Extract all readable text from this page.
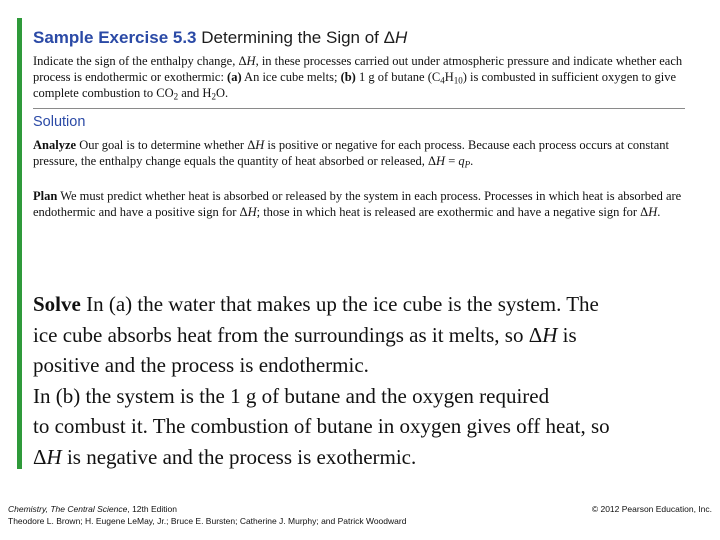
Sample Exercise 5.3 Determining the Sign of ΔH
Indicate the sign of the enthalpy change, ΔH, in these processes carried out under atmospheric pressure and indicate whether each process is endothermic or exothermic: (a) An ice cube melts; (b) 1 g of butane $(C_4H_{10})$ is combusted in sufficient oxygen to give complete combustion to $CO_2$ and $H_2O$.
Solution
Analyze Our goal is to determine whether ΔH is positive or negative for each process. Because each process occurs at constant pressure, the enthalpy change equals the quantity of heat absorbed or released, $\Delta H = q_P$.
Plan We must predict whether heat is absorbed or released by the system in each process. Processes in which heat is absorbed are endothermic and have a positive sign for ΔH; those in which heat is released are exothermic and have a negative sign for ΔH.
Solve In (a) the water that makes up the ice cube is the system. The
ice cube absorbs heat from the surroundings as it melts, so ΔH is
positive and the process is endothermic.
In (b) the system is the 1 g of butane and the oxygen required
to combust it. The combustion of butane in oxygen gives off heat, so
ΔH is negative and the process is exothermic.
Chemistry, The Central Science, 12th Edition
Theodore L. Brown; H. Eugene LeMay, Jr.; Bruce E. Bursten; Catherine J. Murphy; and Patrick Woodward
© 2012 Pearson Education, Inc.
